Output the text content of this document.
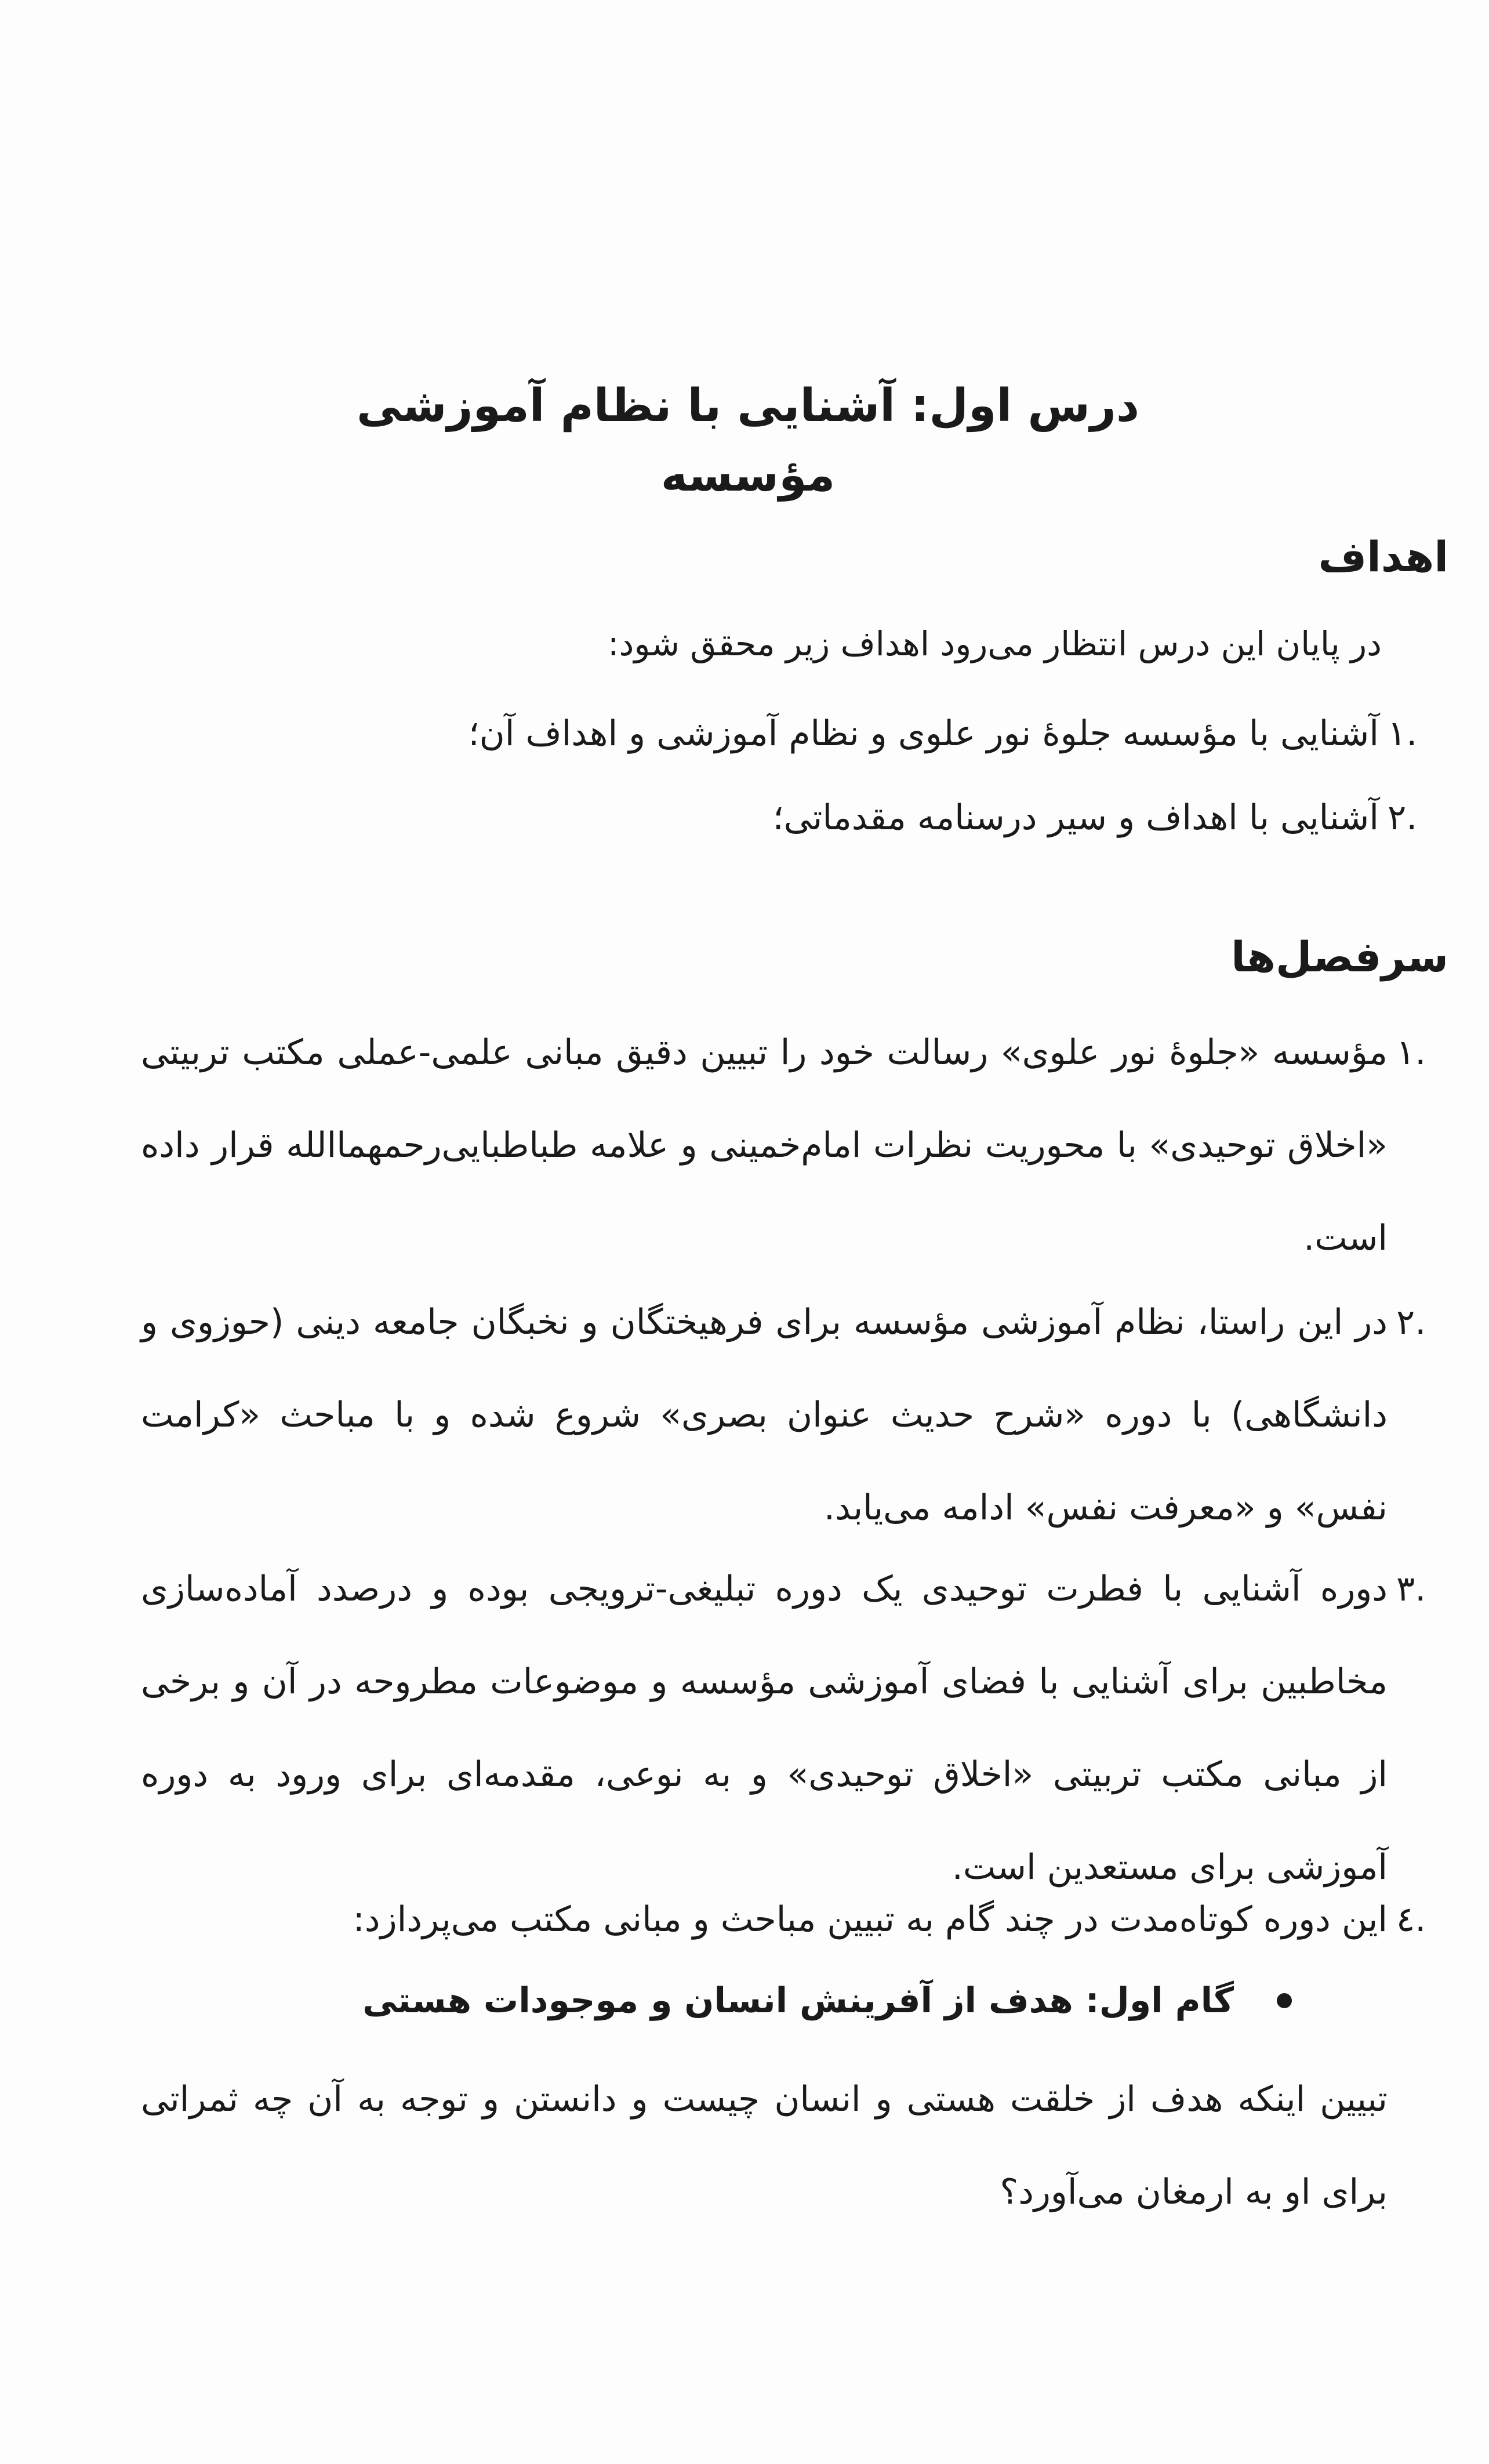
درس اول: آشنایی با نظام آموزشی مؤسسه
اهداف
در پایان این درس انتظار می‌رود اهداف زیر محقق شود:
۱.
آشنایی با مؤسسه جلوهٔ نور علوی و نظام آموزشی و اهداف آن؛
۲.
آشنایی با اهداف و سیر درسنامه مقدماتی؛
سرفصل‌ها
۱.
مؤسسه «جلوهٔ نور علوی» رسالت خود را تبیین دقیق مبانی علمی-عملی مکتب تربیتی «اخلاق توحیدی» با محوریت نظرات امام‌خمینی و علامه طباطبایی‌رحمهماالله قرار داده است.
۲.
در این راستا، نظام آموزشی مؤسسه برای فرهیختگان و نخبگان جامعه دینی (حوزوی و دانشگاهی) با دوره «شرح حدیث عنوان بصری» شروع شده و با مباحث «کرامت نفس» و «معرفت نفس» ادامه می‌یابد.
۳.
دوره آشنایی با فطرت توحیدی یک دوره تبلیغی-ترویجی بوده و درصدد آماده‌سازی مخاطبین برای آشنایی با فضای آموزشی مؤسسه و موضوعات مطروحه در آن و برخی از مبانی مکتب تربیتی «اخلاق توحیدی» و به نوعی، مقدمه‌ای برای ورود به دوره آموزشی برای مستعدین است.
٤.
این دوره کوتاه‌مدت در چند گام به تبیین مباحث و مبانی مکتب می‌پردازد:
گام اول: هدف از آفرینش انسان و موجودات هستی
تبیین اینکه هدف از خلقت هستی و انسان چیست و دانستن و توجه به آن چه ثمراتی برای او به ارمغان می‌آورد؟
